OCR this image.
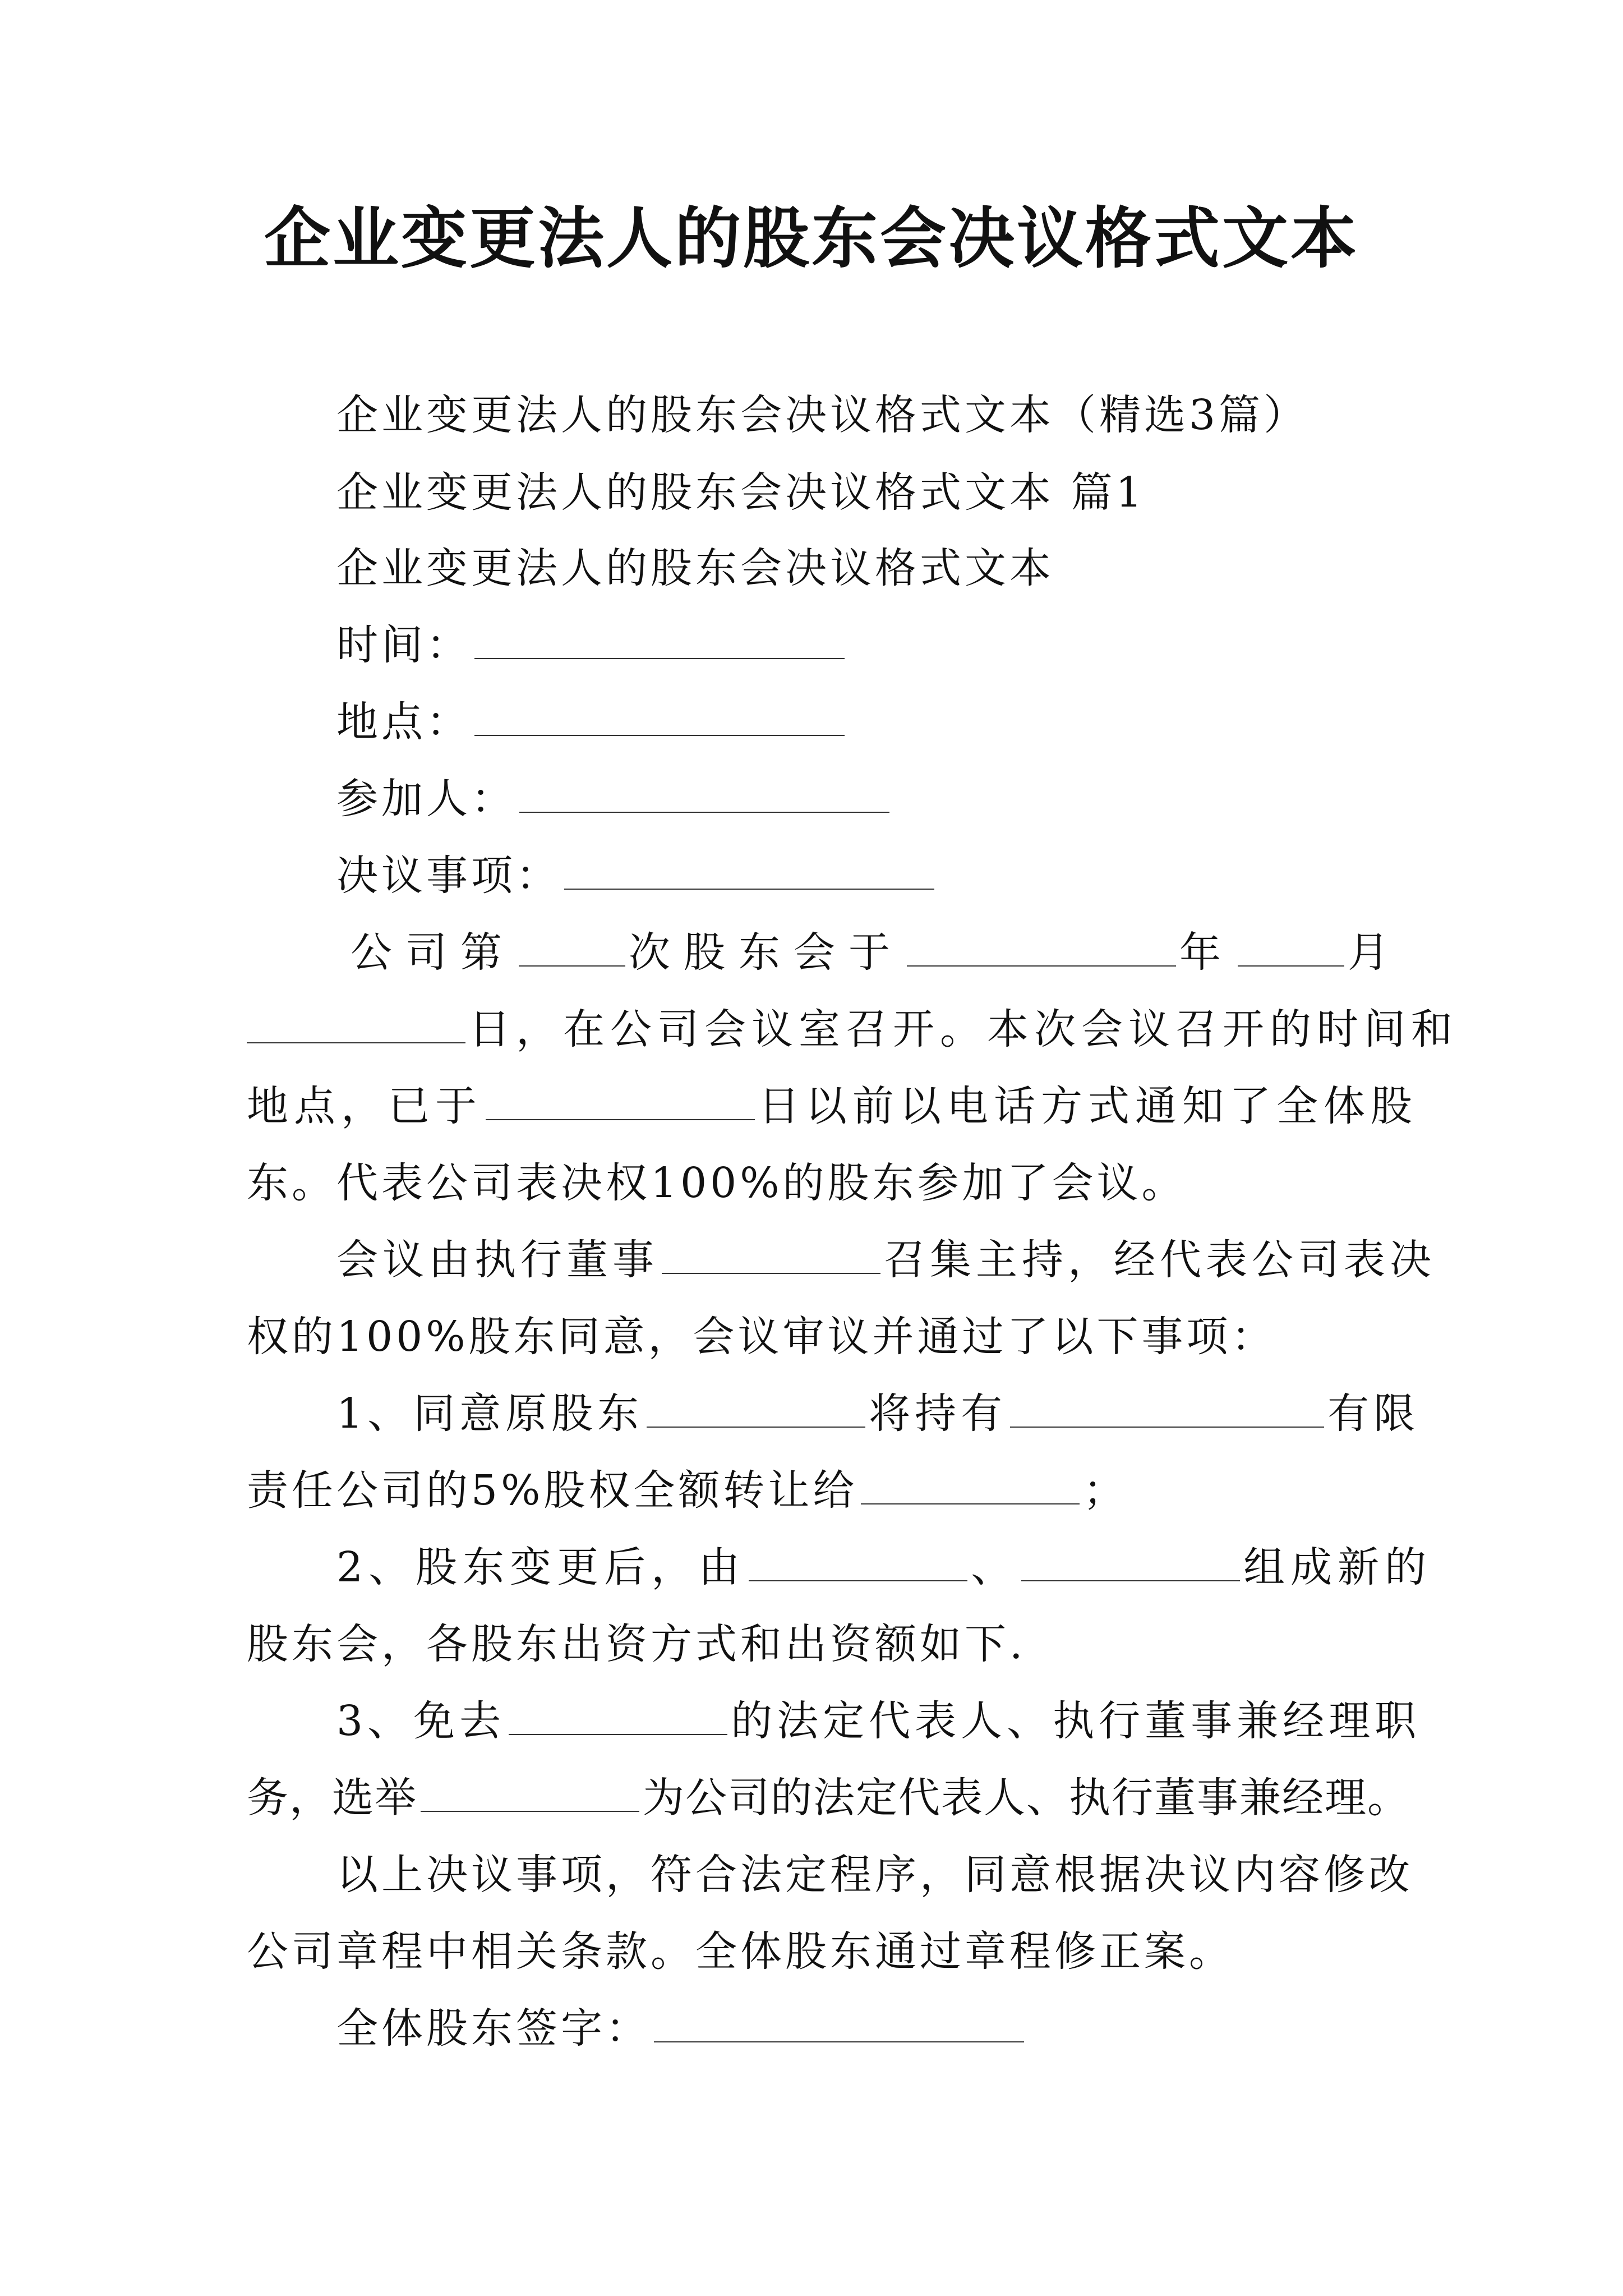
企业变更法人的股东会决议格式文本
企业变更法人的股东会决议格式文本（精选3篇）
企业变更法人的股东会决议格式文本 篇1
企业变更法人的股东会决议格式文本
时间：
地点：
参加人：
决议事项：
公司第	次股东会于	年	月
日，在公司会议室召开。本次会议召开的时间和
地点，已于	日以前以电话方式通知了全体股
东。代表公司表决权100%的股东参加了会议。
会议由执行董事	召集主持，经代表公司表决
权的100%股东同意，会议审议并通过了以下事项：
1、同意原股东	将持有	有限
责任公司的5%股权全额转让给	；
2、股东变更后，由	、	组成新的
股东会，各股东出资方式和出资额如下.
3、免去	的法定代表人、执行董事兼经理职
务，选举	为公司的法定代表人、执行董事兼经理。
以上决议事项，符合法定程序，同意根据决议内容修改
公司章程中相关条款。全体股东通过章程修正案。
全体股东签字：
